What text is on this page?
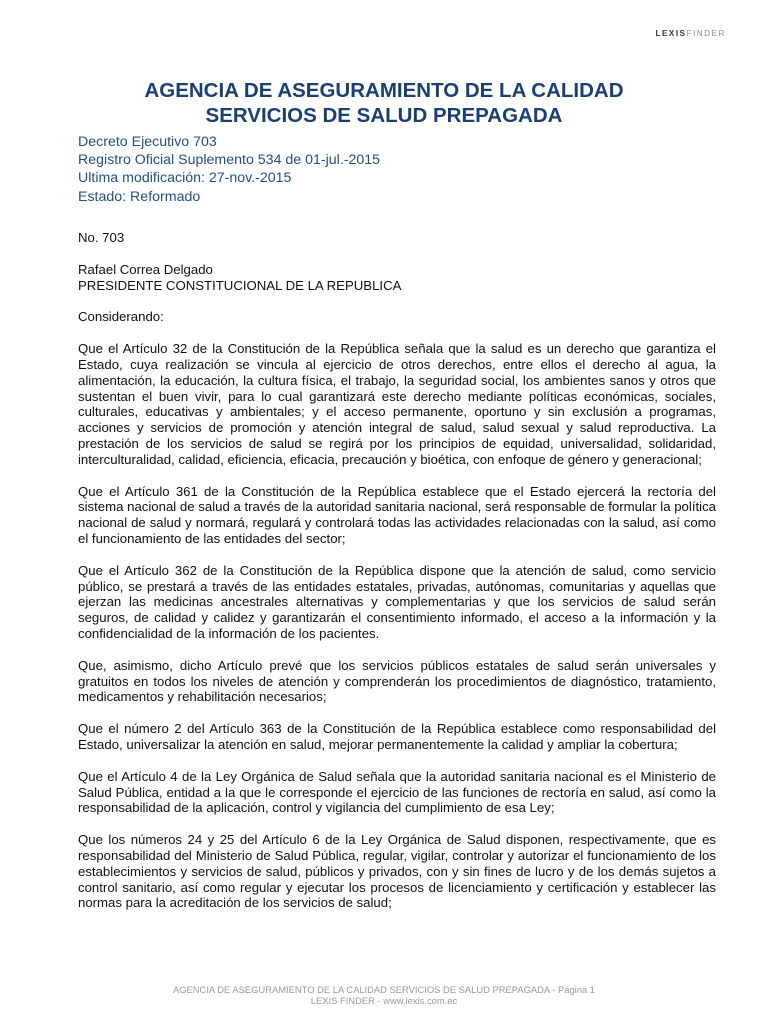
LEXISFINDER
AGENCIA DE ASEGURAMIENTO DE LA CALIDAD
SERVICIOS DE SALUD PREPAGADA
Decreto Ejecutivo 703
Registro Oficial Suplemento 534 de 01-jul.-2015
Ultima modificación: 27-nov.-2015
Estado: Reformado

No. 703

Rafael Correa Delgado
PRESIDENTE CONSTITUCIONAL DE LA REPUBLICA

Considerando:

Que el Artículo 32 de la Constitución de la República señala que la salud es un derecho que garantiza el Estado, cuya realización se vincula al ejercicio de otros derechos, entre ellos el derecho al agua, la alimentación, la educación, la cultura física, el trabajo, la seguridad social, los ambientes sanos y otros que sustentan el buen vivir, para lo cual garantizará este derecho mediante políticas económicas, sociales, culturales, educativas y ambientales; y el acceso permanente, oportuno y sin exclusión a programas, acciones y servicios de promoción y atención integral de salud, salud sexual y salud reproductiva. La prestación de los servicios de salud se regirá por los principios de equidad, universalidad, solidaridad, interculturalidad, calidad, eficiencia, eficacia, precaución y bioética, con enfoque de género y generacional;

Que el Artículo 361 de la Constitución de la República establece que el Estado ejercerá la rectoría del sistema nacional de salud a través de la autoridad sanitaria nacional, será responsable de formular la política nacional de salud y normará, regulará y controlará todas las actividades relacionadas con la salud, así como el funcionamiento de las entidades del sector;

Que el Artículo 362 de la Constitución de la República dispone que la atención de salud, como servicio público, se prestará a través de las entidades estatales, privadas, autónomas, comunitarias y aquellas que ejerzan las medicinas ancestrales alternativas y complementarias y que los servicios de salud serán seguros, de calidad y calidez y garantizarán el consentimiento informado, el acceso a la información y la confidencialidad de la información de los pacientes.

Que, asimismo, dicho Artículo prevé que los servicios públicos estatales de salud serán universales y gratuitos en todos los niveles de atención y comprenderán los procedimientos de diagnóstico, tratamiento, medicamentos y rehabilitación necesarios;

Que el número 2 del Artículo 363 de la Constitución de la República establece como responsabilidad del Estado, universalizar la atención en salud, mejorar permanentemente la calidad y ampliar la cobertura;

Que el Artículo 4 de la Ley Orgánica de Salud señala que la autoridad sanitaria nacional es el Ministerio de Salud Pública, entidad a la que le corresponde el ejercicio de las funciones de rectoría en salud, así como la responsabilidad de la aplicación, control y vigilancia del cumplimiento de esa Ley;

Que los números 24 y 25 del Artículo 6 de la Ley Orgánica de Salud disponen, respectivamente, que es responsabilidad del Ministerio de Salud Pública, regular, vigilar, controlar y autorizar el funcionamiento de los establecimientos y servicios de salud, públicos y privados, con y sin fines de lucro y de los demás sujetos a control sanitario, así como regular y ejecutar los procesos de licenciamiento y certificación y establecer las normas para la acreditación de los servicios de salud;

AGENCIA DE ASEGURAMIENTO DE LA CALIDAD SERVICIOS DE SALUD PREPAGADA - Página 1
LEXIS FINDER - www.lexis.com.ec
